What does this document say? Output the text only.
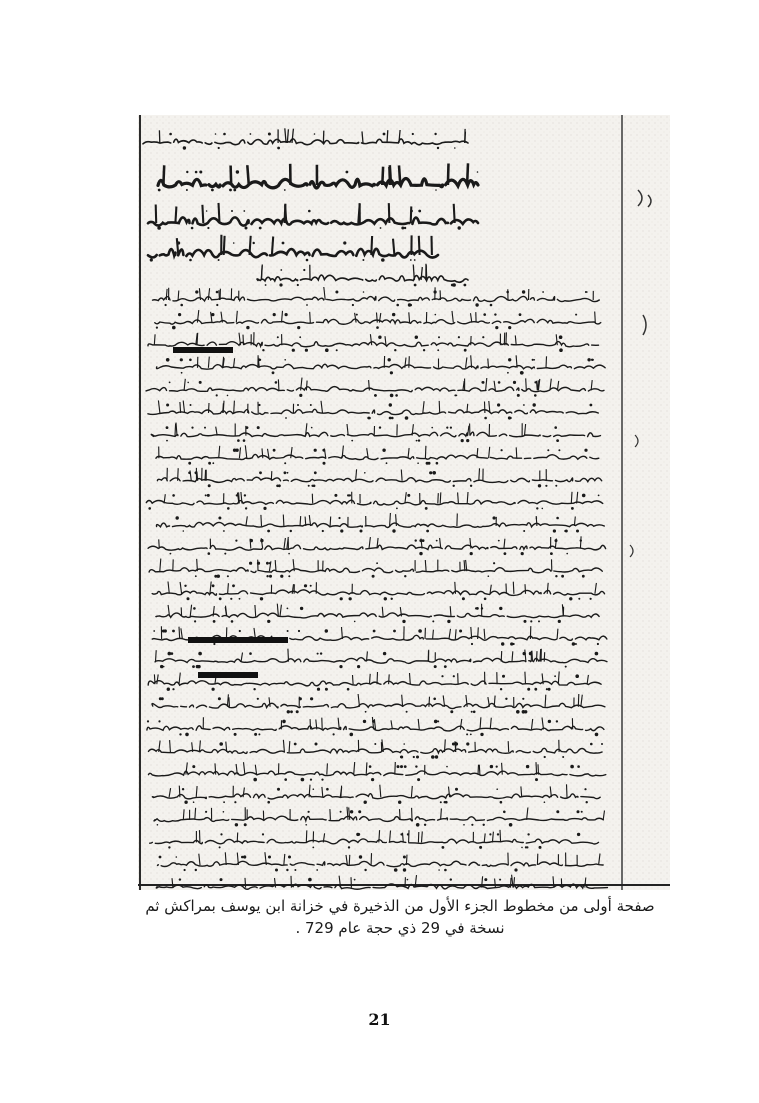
صفحة أولى من مخطوط الجزء الأول من الذخيرة في خزانة ابن يوسف بمراكش ثم
نسخة في 29 ذي حجة عام 729 .
21
